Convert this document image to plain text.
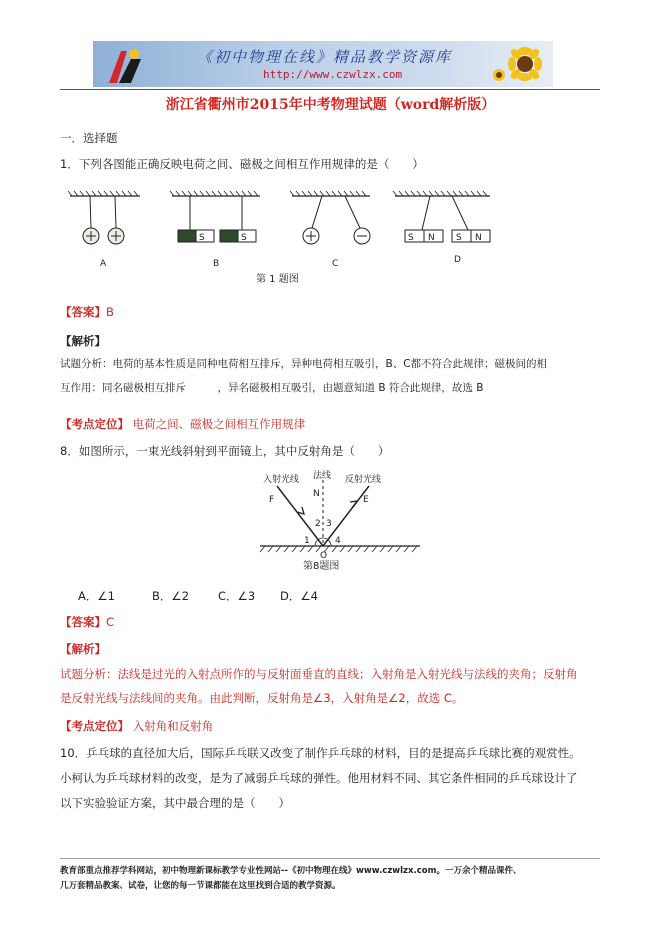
《初中物理在线》精品教学资源库
http://www.czwlzx.com
浙江省衢州市2015年中考物理试题（word解析版）
一．选择题
1．下列各图能正确反映电荷之间、磁极之间相互作用规律的是（　　）
S	S	S N S N
A	B	C	D
第 1 题图
【答案】B
【解析】
试题分析：电荷的基本性质是同种电荷相互排斥，异种电荷相互吸引，B、C都不符合此规律；磁极间的相
互作用：同名磁极相互排斥　　　，异名磁极相互吸引，由题意知道 B 符合此规律，故选 B
【考点定位】 电荷之间、磁极之间相互作用规律
8．如图所示，一束光线斜射到平面镜上，其中反射角是（　　）
入射光线 法线 反射光线
F
N
E
O
1
2 3
4
第8题图
A．∠1	B．∠2	C．∠3 D．∠4
【答案】C
【解析】
试题分析：法线是过光的入射点所作的与反射面垂直的直线；入射角是入射光线与法线的夹角；反射角
是反射光线与法线间的夹角。由此判断，反射角是∠3，入射角是∠2，故选 C。
【考点定位】 入射角和反射角
10．乒乓球的直径加大后，国际乒乓联又改变了制作乒乓球的材料，目的是提高乒乓球比赛的观赏性。
小柯认为乒乓球材料的改变，是为了减弱乒乓球的弹性。他用材料不同、其它条件相同的乒乓球设计了
以下实验验证方案，其中最合理的是（　　）
教育部重点推荐学科网站，初中物理新课标教学专业性网站--《初中物理在线》www.czwlzx.com。一万余个精品课件、
几万套精品教案、试卷，让您的每一节课都能在这里找到合适的教学资源。
